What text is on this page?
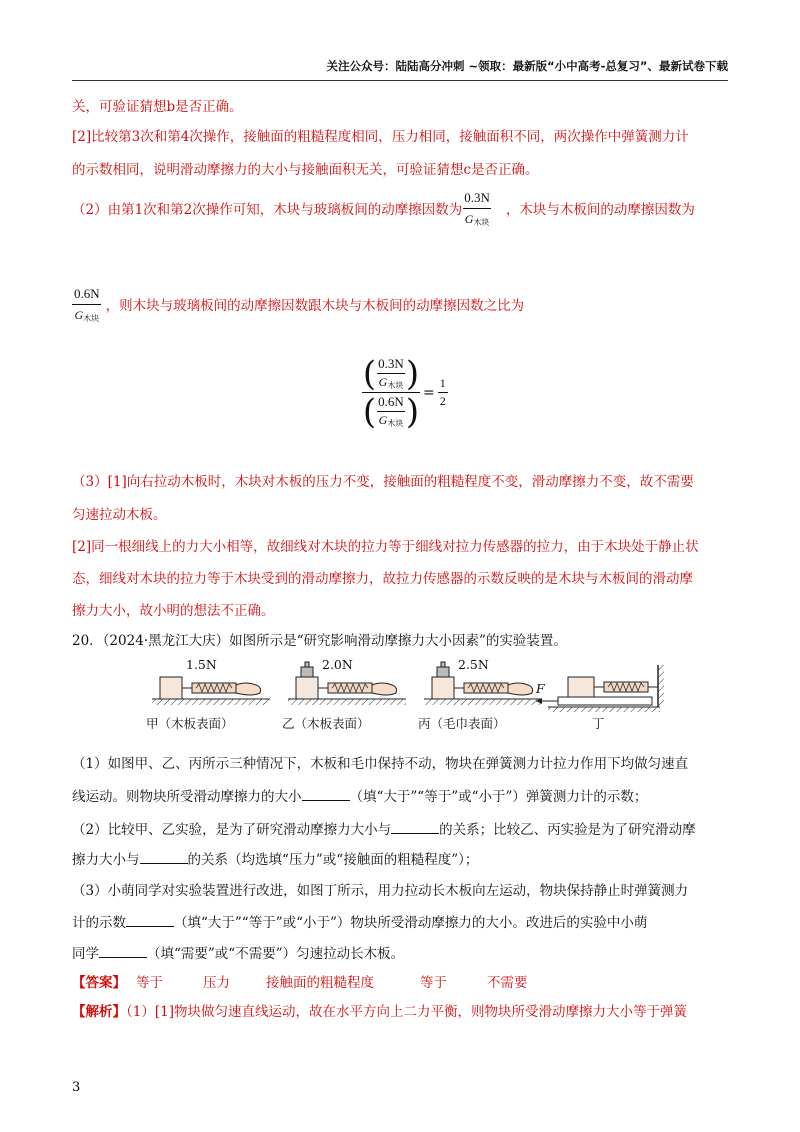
关注公众号：陆陆高分冲刺 ~领取：最新版“小中高考-总复习”、最新试卷下载
关，可验证猜想b是否正确。
[2]比较第3次和第4次操作，接触面的粗糙程度相同，压力相同，接触面积不同，两次操作中弹簧测力计
的示数相同，说明滑动摩擦力的大小与接触面积无关，可验证猜想c是否正确。
（2）由第1次和第2次操作可知，木块与玻璃板间的动摩擦因数为 $\frac{0.3N}{G_{木块}}$ ，木块与木板间的动摩擦因数为
$\frac{0.6N}{G_{木块}}$ ，则木块与玻璃板间的动摩擦因数跟木块与木板间的动摩擦因数之比为
( $\frac{0.3N}{G_{木块}}$ )
( $\frac{0.6N}{G_{木块}}$ ) = $\frac{1}{2}$
（3）[1]向右拉动木板时，木块对木板的压力不变，接触面的粗糙程度不变，滑动摩擦力不变，故不需要
匀速拉动木板。
[2]同一根细线上的力大小相等，故细线对木块的拉力等于细线对拉力传感器的拉力，由于木块处于静止状
态，细线对木块的拉力等于木块受到的滑动摩擦力，故拉力传感器的示数反映的是木块与木板间的滑动摩
擦力大小，故小明的想法不正确。
20．（2024·黑龙江大庆）如图所示是“研究影响滑动摩擦力大小因素”的实验装置。
1.5N	2.0N	2.5N
F
甲（木板表面）	乙（木板表面）	丙（毛巾表面）	丁
（1）如图甲、乙、丙所示三种情况下，木板和毛巾保持不动，物块在弹簧测力计拉力作用下均做匀速直
线运动。则物块所受滑动摩擦力的大小	（填“大于”“等于”或“小于”）弹簧测力计的示数；
（2）比较甲、乙实验，是为了研究滑动摩擦力大小与	的关系；比较乙、丙实验是为了研究滑动摩
擦力大小与	的关系（均选填“压力”或“接触面的粗糙程度”）；
（3）小萌同学对实验装置进行改进，如图丁所示，用力拉动长木板向左运动，物块保持静止时弹簧测力
计的示数	（填“大于”“等于”或“小于”）物块所受滑动摩擦力的大小。改进后的实验中小萌
同学	（填“需要”或“不需要”）匀速拉动长木板。
【答案】 等于	压力	接触面的粗糙程度	等于	不需要
【解析】（1）[1]物块做匀速直线运动，故在水平方向上二力平衡，则物块所受滑动摩擦力大小等于弹簧
3
